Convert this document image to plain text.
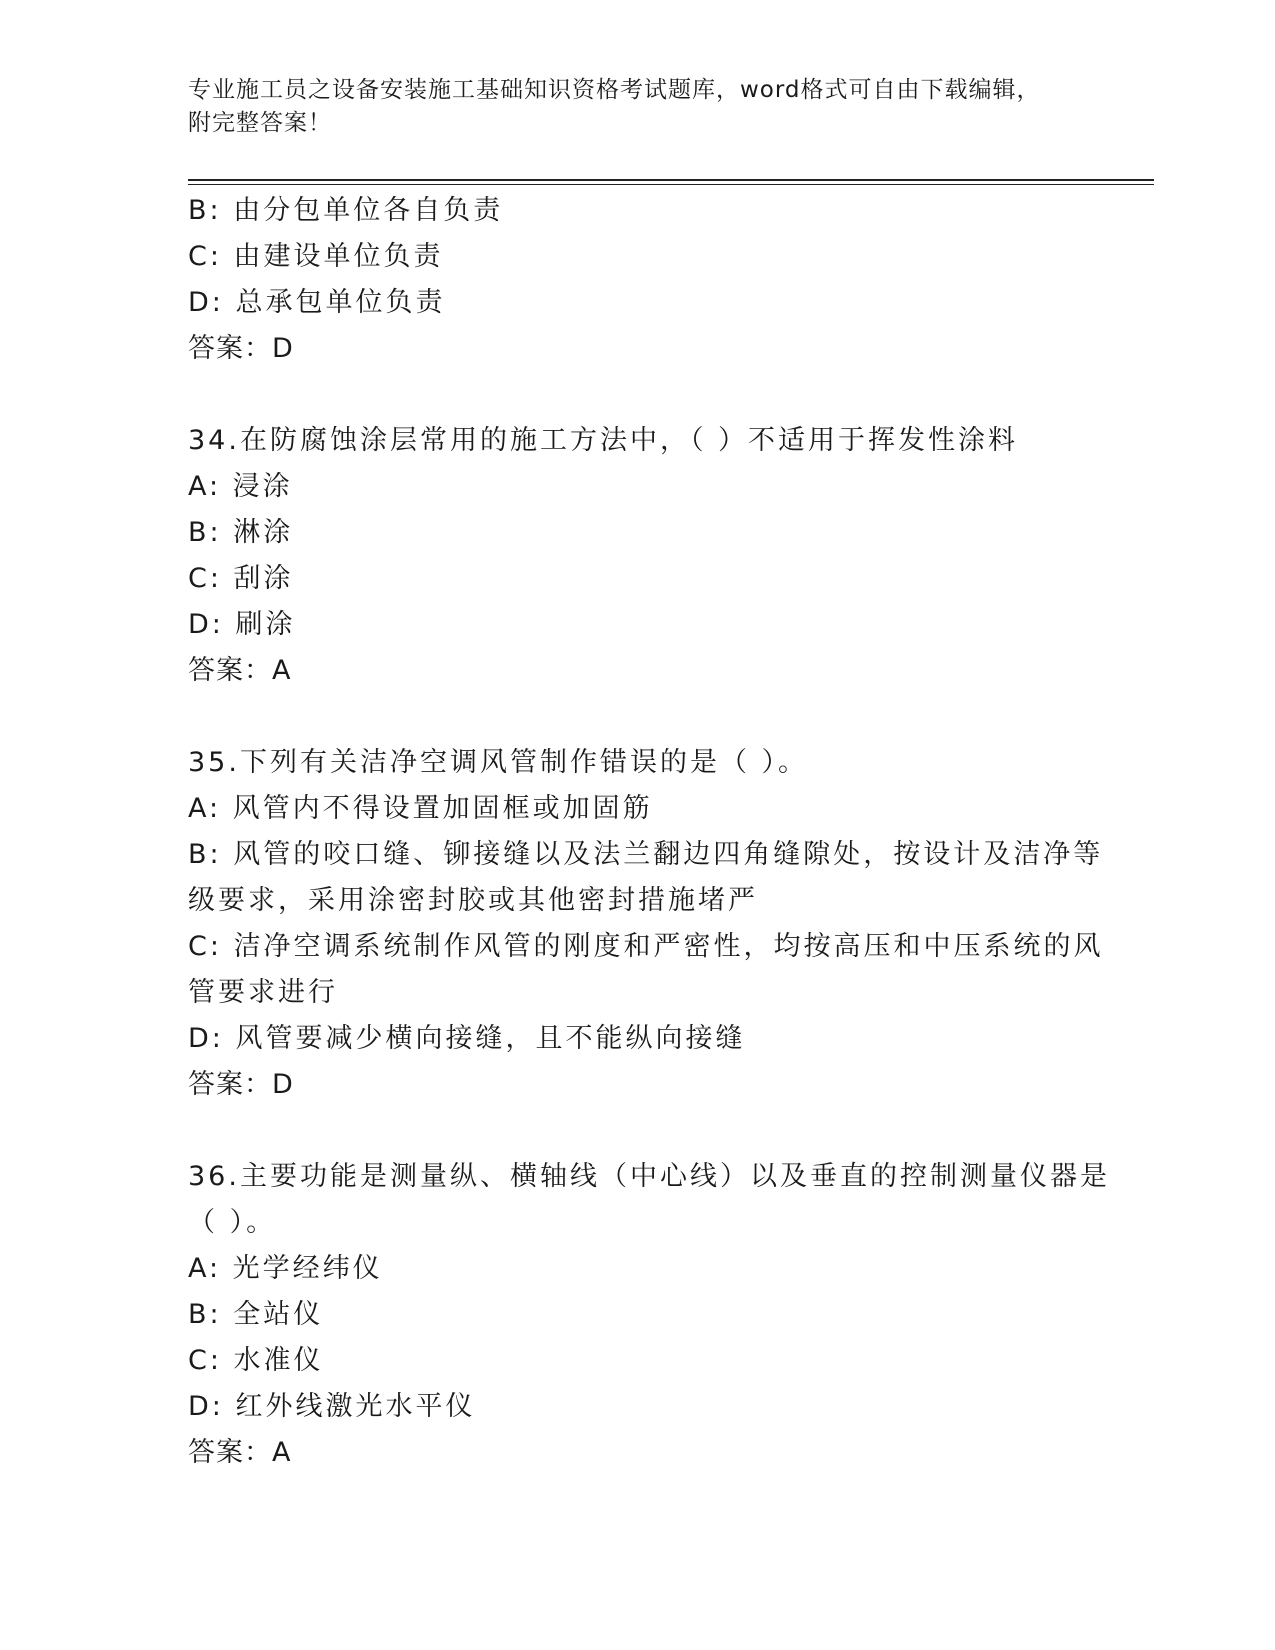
专业施工员之设备安装施工基础知识资格考试题库，word格式可自由下载编辑，
附完整答案！
B: 由分包单位各自负责
C: 由建设单位负责
D: 总承包单位负责
答案：D
34.在防腐蚀涂层常用的施工方法中，（ ）不适用于挥发性涂料
A: 浸涂
B: 淋涂
C: 刮涂
D: 刷涂
答案：A
35.下列有关洁净空调风管制作错误的是（ ）。
A: 风管内不得设置加固框或加固筋
B: 风管的咬口缝、铆接缝以及法兰翻边四角缝隙处，按设计及洁净等
级要求，采用涂密封胶或其他密封措施堵严
C: 洁净空调系统制作风管的刚度和严密性，均按高压和中压系统的风
管要求进行
D: 风管要减少横向接缝，且不能纵向接缝
答案：D
36.主要功能是测量纵、横轴线（中心线）以及垂直的控制测量仪器是
（ ）。
A: 光学经纬仪
B: 全站仪
C: 水准仪
D: 红外线激光水平仪
答案：A
